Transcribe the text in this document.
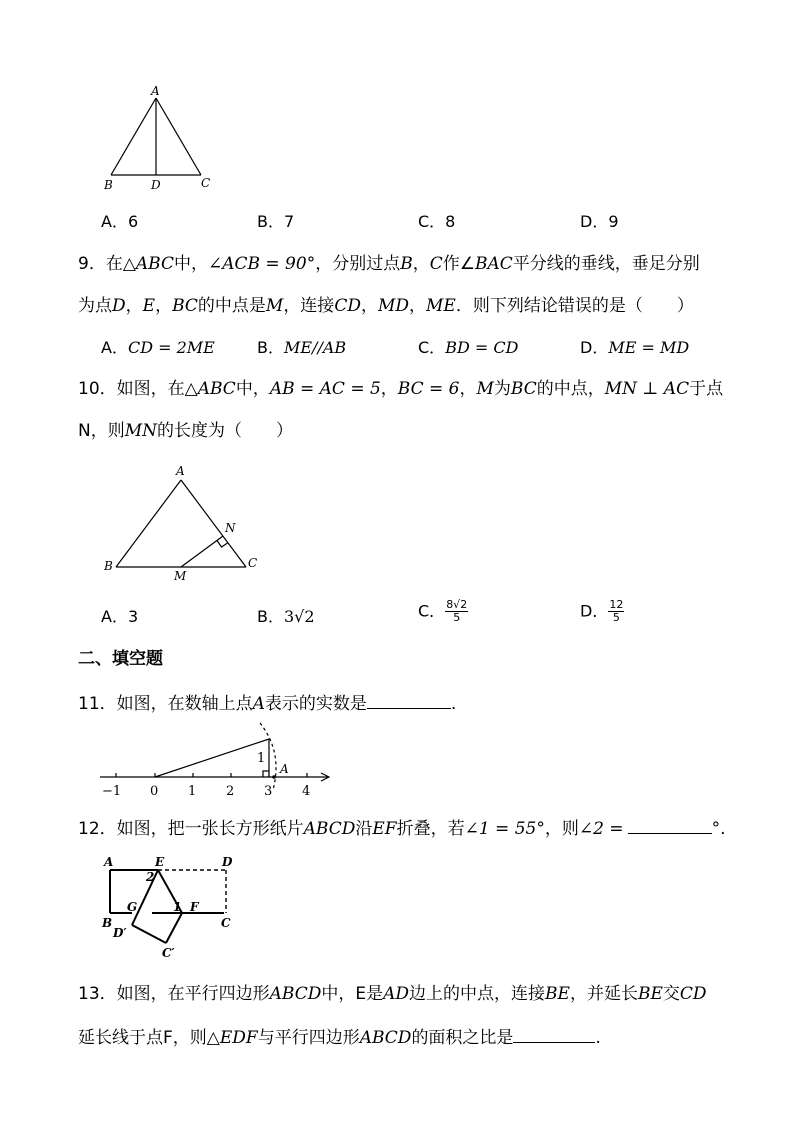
A
B	D	C
A．6	B．7	C．8	D．9
9．在△ABC中，∠ACB = 90°，分别过点B，C作∠BAC平分线的垂线，垂足分别
为点D，E，BC的中点是M，连接CD，MD，ME．则下列结论错误的是（　　）
A．CD = 2ME	B．ME//AB	C．BD = CD	D．ME = MD
10．如图，在△ABC中，AB = AC = 5，BC = 6，M为BC的中点，MN ⊥ AC于点
N，则MN的长度为（　　）
A
N
B	C
M
A．3	B．3√2	C． $\frac{8√2}{5}$	D． $\frac{12}{5}$
二、填空题
11．如图，在数轴上点A表示的实数是	.
−1 0 1 2 3 4
1
A
12．如图，把一张长方形纸片ABCD沿EF折叠，若∠1 = 55°，则∠2 =	°.
A	E	D
2
B
G	1 F
C
D′
C′
13．如图，在平行四边形ABCD中，E是AD边上的中点，连接BE，并延长BE交CD
延长线于点F，则△EDF与平行四边形ABCD的面积之比是	.
